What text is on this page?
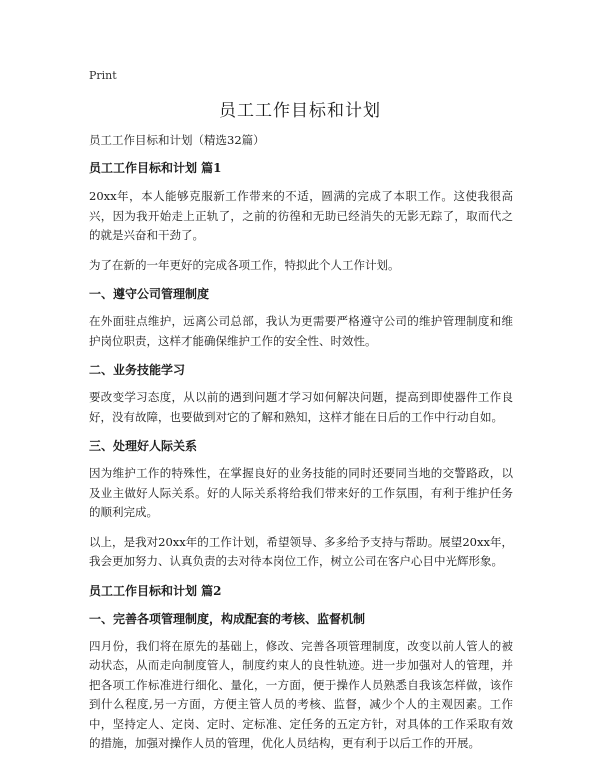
Print
员工工作目标和计划

员工工作目标和计划（精选32篇）

员工工作目标和计划 篇1

20xx年，本人能够克服新工作带来的不适，圆满的完成了本职工作。这使我很高兴，因为我开始走上正轨了，之前的彷徨和无助已经消失的无影无踪了，取而代之的就是兴奋和干劲了。

为了在新的一年更好的完成各项工作，特拟此个人工作计划。

一、遵守公司管理制度

在外面驻点维护，远离公司总部，我认为更需要严格遵守公司的维护管理制度和维护岗位职责，这样才能确保维护工作的安全性、时效性。

二、业务技能学习

要改变学习态度，从以前的遇到问题才学习如何解决问题，提高到即使器件工作良好，没有故障，也要做到对它的了解和熟知，这样才能在日后的工作中行动自如。

三、处理好人际关系

因为维护工作的特殊性，在掌握良好的业务技能的同时还要同当地的交警路政，以及业主做好人际关系。好的人际关系将给我们带来好的工作氛围，有利于维护任务的顺利完成。

以上，是我对20xx年的工作计划，希望领导、多多给予支持与帮助。展望20xx年，我会更加努力、认真负责的去对待本岗位工作，树立公司在客户心目中光辉形象。

员工工作目标和计划 篇2
一、完善各项管理制度，构成配套的考核、监督机制

四月份，我们将在原先的基础上，修改、完善各项管理制度，改变以前人管人的被动状态，从而走向制度管人，制度约束人的良性轨迹。进一步加强对人的管理，并把各项工作标准进行细化、量化，一方面，便于操作人员熟悉自我该怎样做，该作到什么程度,另一方面，方便主管人员的考核、监督，减少个人的主观因素。工作中，坚持定人、定岗、定时、定标准、定任务的五定方针，对具体的工作采取有效的措施，加强对操作人员的管理，优化人员结构，更有利于以后工作的开展。
